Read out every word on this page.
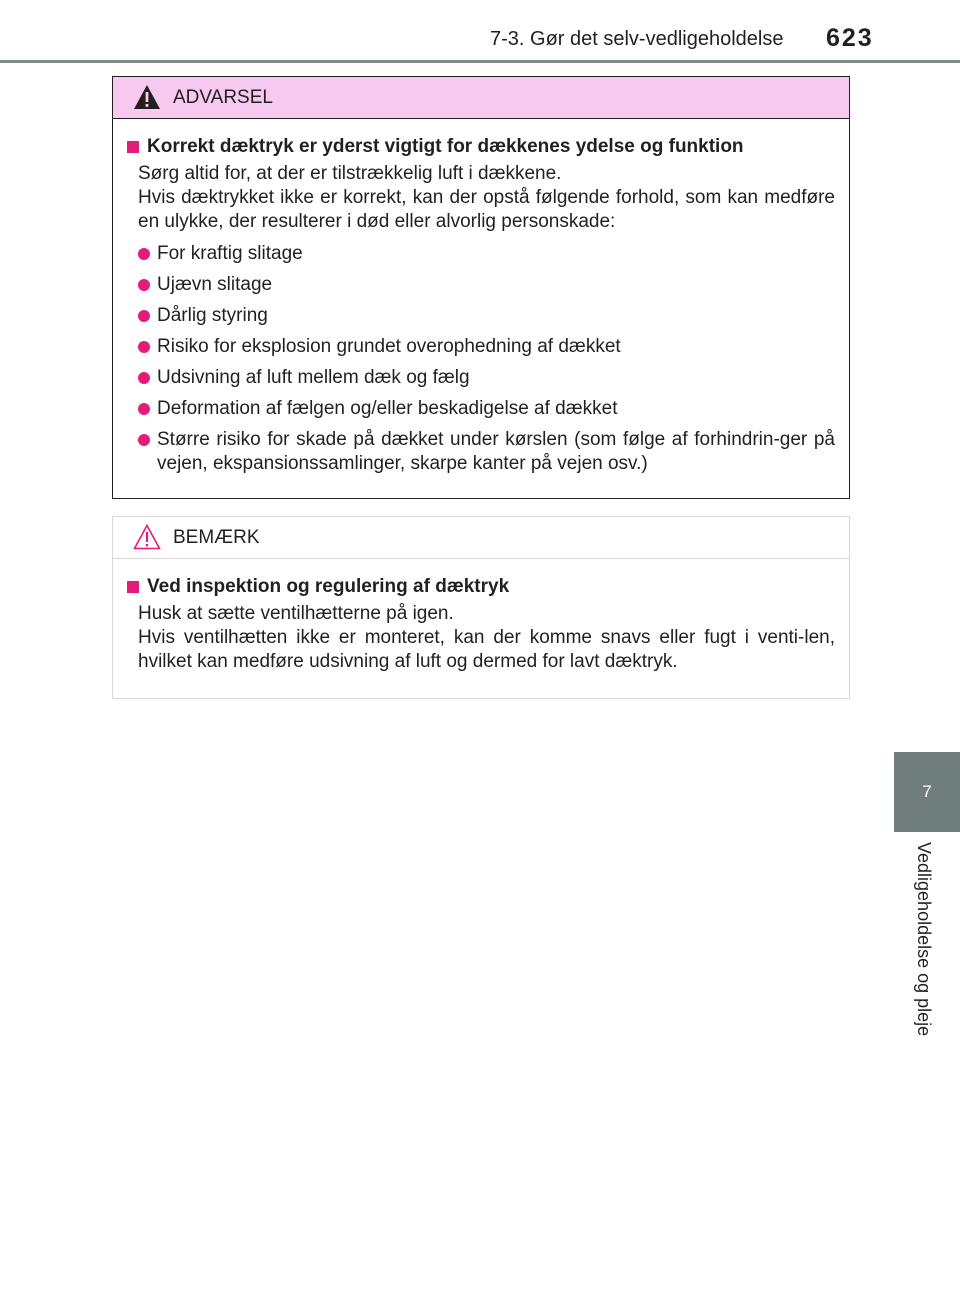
7-3. Gør det selv-vedligeholdelse 623
7
Vedligeholdelse og pleje
ADVARSEL
Korrekt dæktryk er yderst vigtigt for dækkenes ydelse og funktion
Sørg altid for, at der er tilstrækkelig luft i dækkene.
Hvis dæktrykket ikke er korrekt, kan der opstå følgende forhold, som kan medføre en ulykke, der resulterer i død eller alvorlig personskade:
For kraftig slitage
Ujævn slitage
Dårlig styring
Risiko for eksplosion grundet overophedning af dækket
Udsivning af luft mellem dæk og fælg
Deformation af fælgen og/eller beskadigelse af dækket
Større risiko for skade på dækket under kørslen (som følge af forhindrin-ger på vejen, ekspansionssamlinger, skarpe kanter på vejen osv.)
BEMÆRK
Ved inspektion og regulering af dæktryk
Husk at sætte ventilhætterne på igen.
Hvis ventilhætten ikke er monteret, kan der komme snavs eller fugt i venti-len, hvilket kan medføre udsivning af luft og dermed for lavt dæktryk.
